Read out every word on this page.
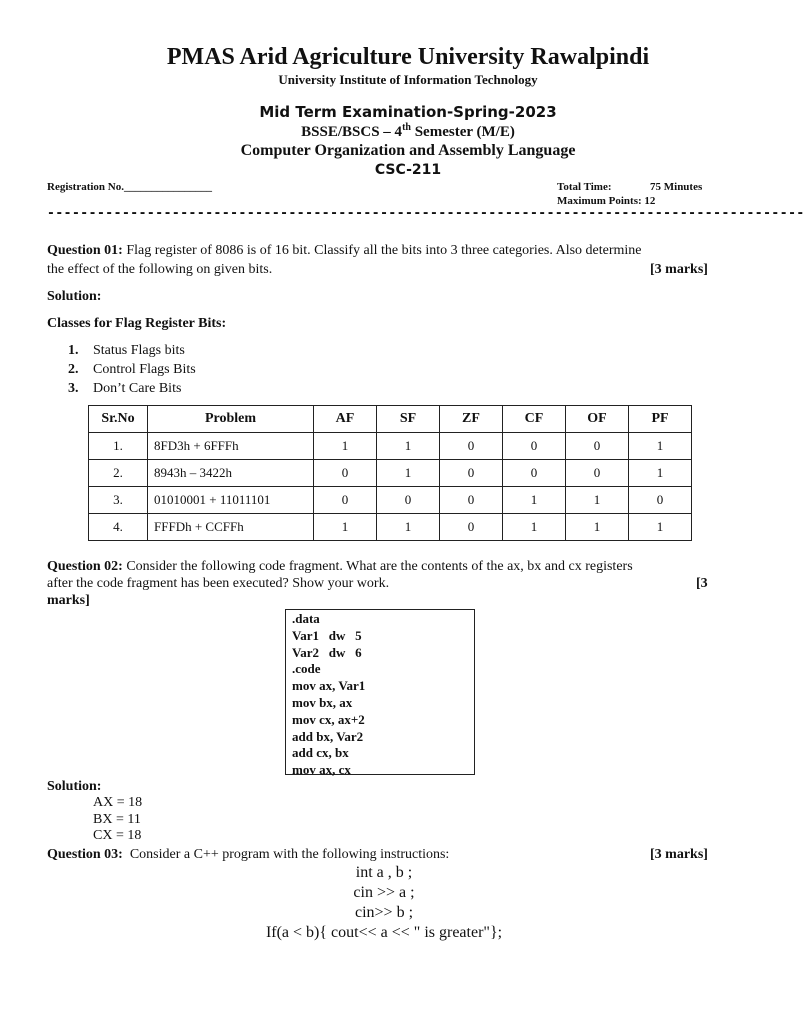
PMAS Arid Agriculture University Rawalpindi
University Institute of Information Technology
Mid Term Examination-Spring-2023
BSSE/BSCS – 4th Semester (M/E)
Computer Organization and Assembly Language
CSC-211
Registration No.________________	Total Time:	75 Minutes
Maximum Points: 12
-------------------------------------------------------------------------------------------
Question 01: Flag register of 8086 is of 16 bit. Classify all the bits into 3 three categories. Also determine
the effect of the following on given bits.	[3 marks]
Solution:
Classes for Flag Register Bits:
1. Status Flags bits
2. Control Flags Bits
3. Don’t Care Bits
Sr.No	Problem	AF	SF	ZF	CF	OF	PF
1.	8FD3h + 6FFFh	1	1	0	0	0	1
2.	8943h – 3422h	0	1	0	0	0	1
3.	01010001 + 11011101	0	0	0	1	1	0
4.	FFFDh + CCFFh	1	1	0	1	1	1
Question 02: Consider the following code fragment. What are the contents of the ax, bx and cx registers
after the code fragment has been executed? Show your work.	[3
marks]
.data
Var1   dw   5
Var2   dw   6
.code
mov ax, Var1
mov bx, ax
mov cx, ax+2
add bx, Var2
add cx, bx
mov ax, cx
Solution:
AX = 18
BX = 11
CX = 18
Question 03:  Consider a C++ program with the following instructions:	[3 marks]
int a , b ;
cin >> a ;
cin>> b ;
If(a < b){ cout<< a << " is greater"};
